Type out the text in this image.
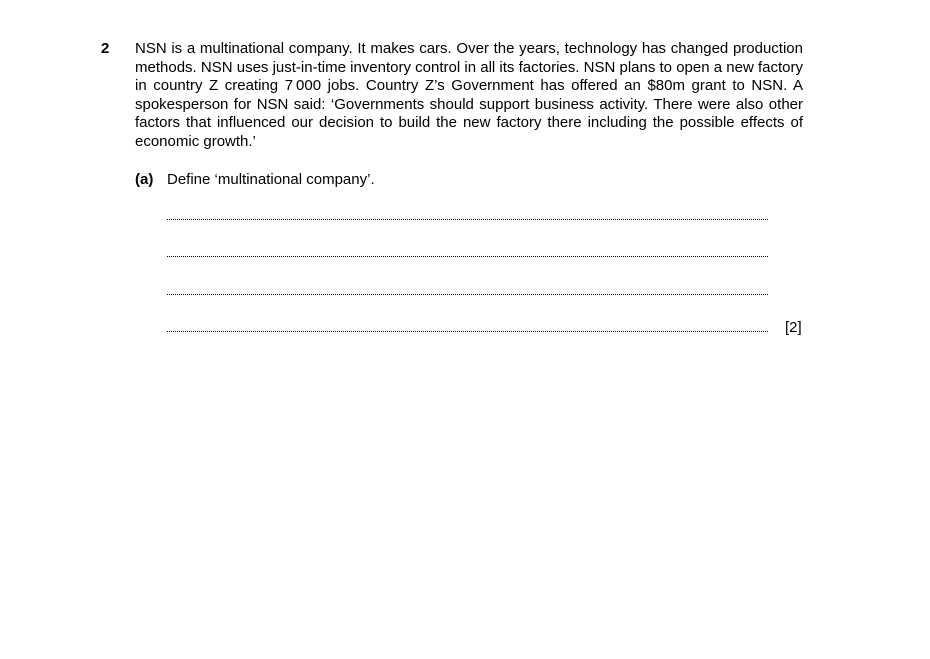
2 NSN is a multinational company. It makes cars. Over the years, technology has changed production methods. NSN uses just-in-time inventory control in all its factories. NSN plans to open a new factory in country Z creating 7 000 jobs. Country Z’s Government has offered an $80m grant to NSN. A spokesperson for NSN said: ‘Governments should support business activity. There were also other factors that influenced our decision to build the new factory there including the possible effects of economic growth.’

(a) Define ‘multinational company’.
[2]
